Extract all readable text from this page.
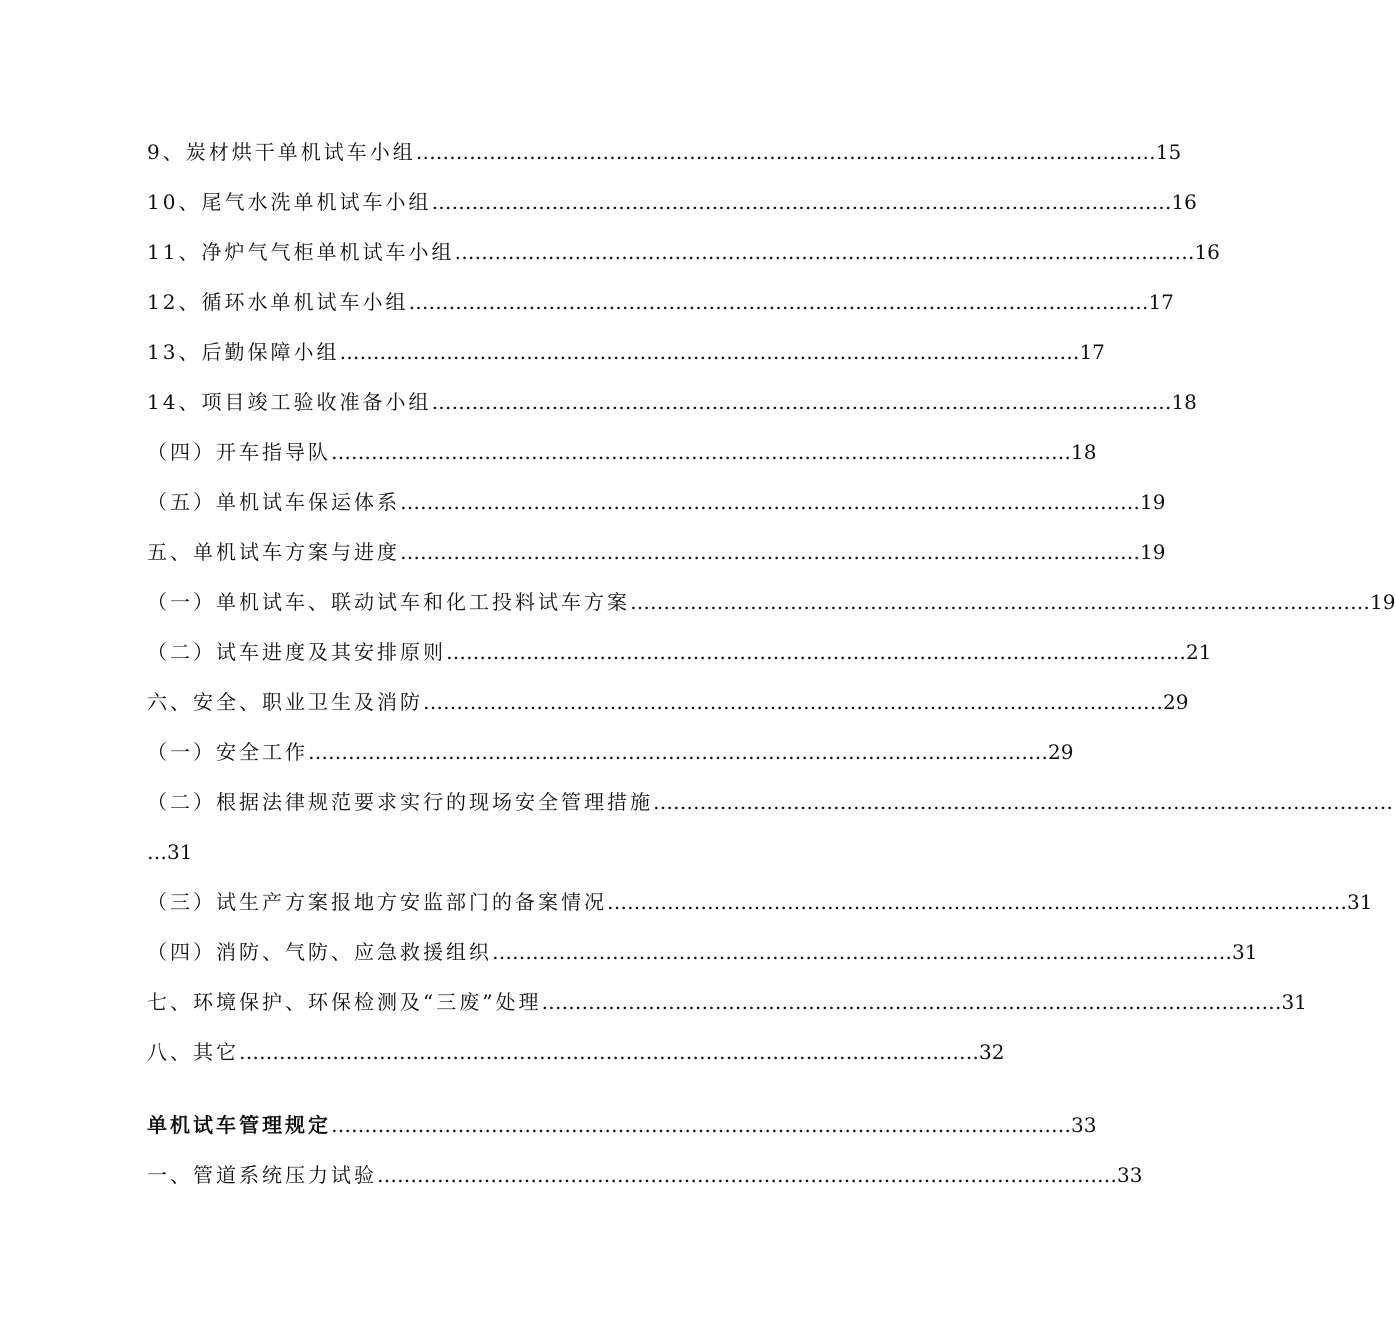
9、炭材烘干单机试车小组 ………………………………………………………………………………………………… 15
10、尾气水洗单机试车小组 ………………………………………………………………………………………………… 16
11、净炉气气柜单机试车小组 ………………………………………………………………………………………………… 16
12、循环水单机试车小组 ………………………………………………………………………………………………… 17
13、后勤保障小组 ………………………………………………………………………………………………… 17
14、项目竣工验收准备小组 ………………………………………………………………………………………………… 18
（四）开车指导队 ………………………………………………………………………………………………… 18
（五）单机试车保运体系 ………………………………………………………………………………………………… 19
五、单机试车方案与进度 ………………………………………………………………………………………………… 19
（一）单机试车、联动试车和化工投料试车方案 ………………………………………………………………………………………………… 19
（二）试车进度及其安排原则 ………………………………………………………………………………………………… 21
六、安全、职业卫生及消防 ………………………………………………………………………………………………… 29
（一）安全工作 ………………………………………………………………………………………………… 29
（二）根据法律规范要求实行的现场安全管理措施 …………………………………………………………………………………………………
…31
（三）试生产方案报地方安监部门的备案情况 ………………………………………………………………………………………………… 31
（四）消防、气防、应急救援组织 ………………………………………………………………………………………………… 31
七、环境保护、环保检测及“三废”处理 ………………………………………………………………………………………………… 31
八、其它 ………………………………………………………………………………………………… 32
单机试车管理规定 ………………………………………………………………………………………………… 33
一、管道系统压力试验 ………………………………………………………………………………………………… 33
